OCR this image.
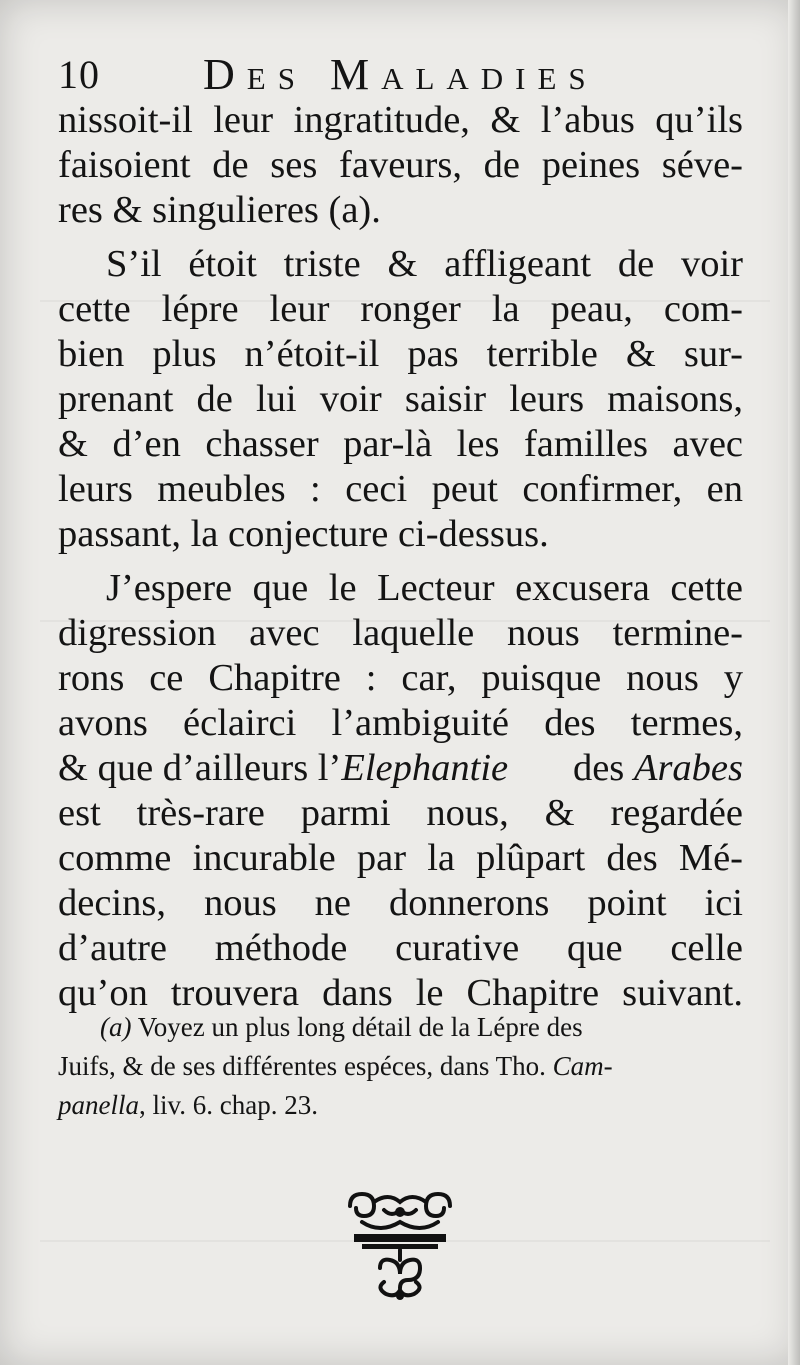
10 Des Maladies
nissoit-il leur ingratitude, & l’abus qu’ils
faisoient de ses faveurs, de peines séve-
res & singulieres (a).
S’il étoit triste & affligeant de voir
cette lépre leur ronger la peau, com-
bien plus n’étoit-il pas terrible & sur-
prenant de lui voir saisir leurs maisons,
& d’en chasser par-là les familles avec
leurs meubles : ceci peut confirmer, en
passant, la conjecture ci-dessus.
J’espere que le Lecteur excusera cette
digression avec laquelle nous termine-
rons ce Chapitre : car, puisque nous y
avons éclairci l’ambiguité des termes,
& que d’ailleurs l’Elephantie des Arabes
est très-rare parmi nous, & regardée
comme incurable par la plûpart des Mé-
decins, nous ne donnerons point ici
d’autre méthode curative que celle
qu’on trouvera dans le Chapitre suivant.
(a) Voyez un plus long détail de la Lépre des
Juifs, & de ses différentes espéces, dans Tho. Cam-
panella, liv. 6. chap. 23.
